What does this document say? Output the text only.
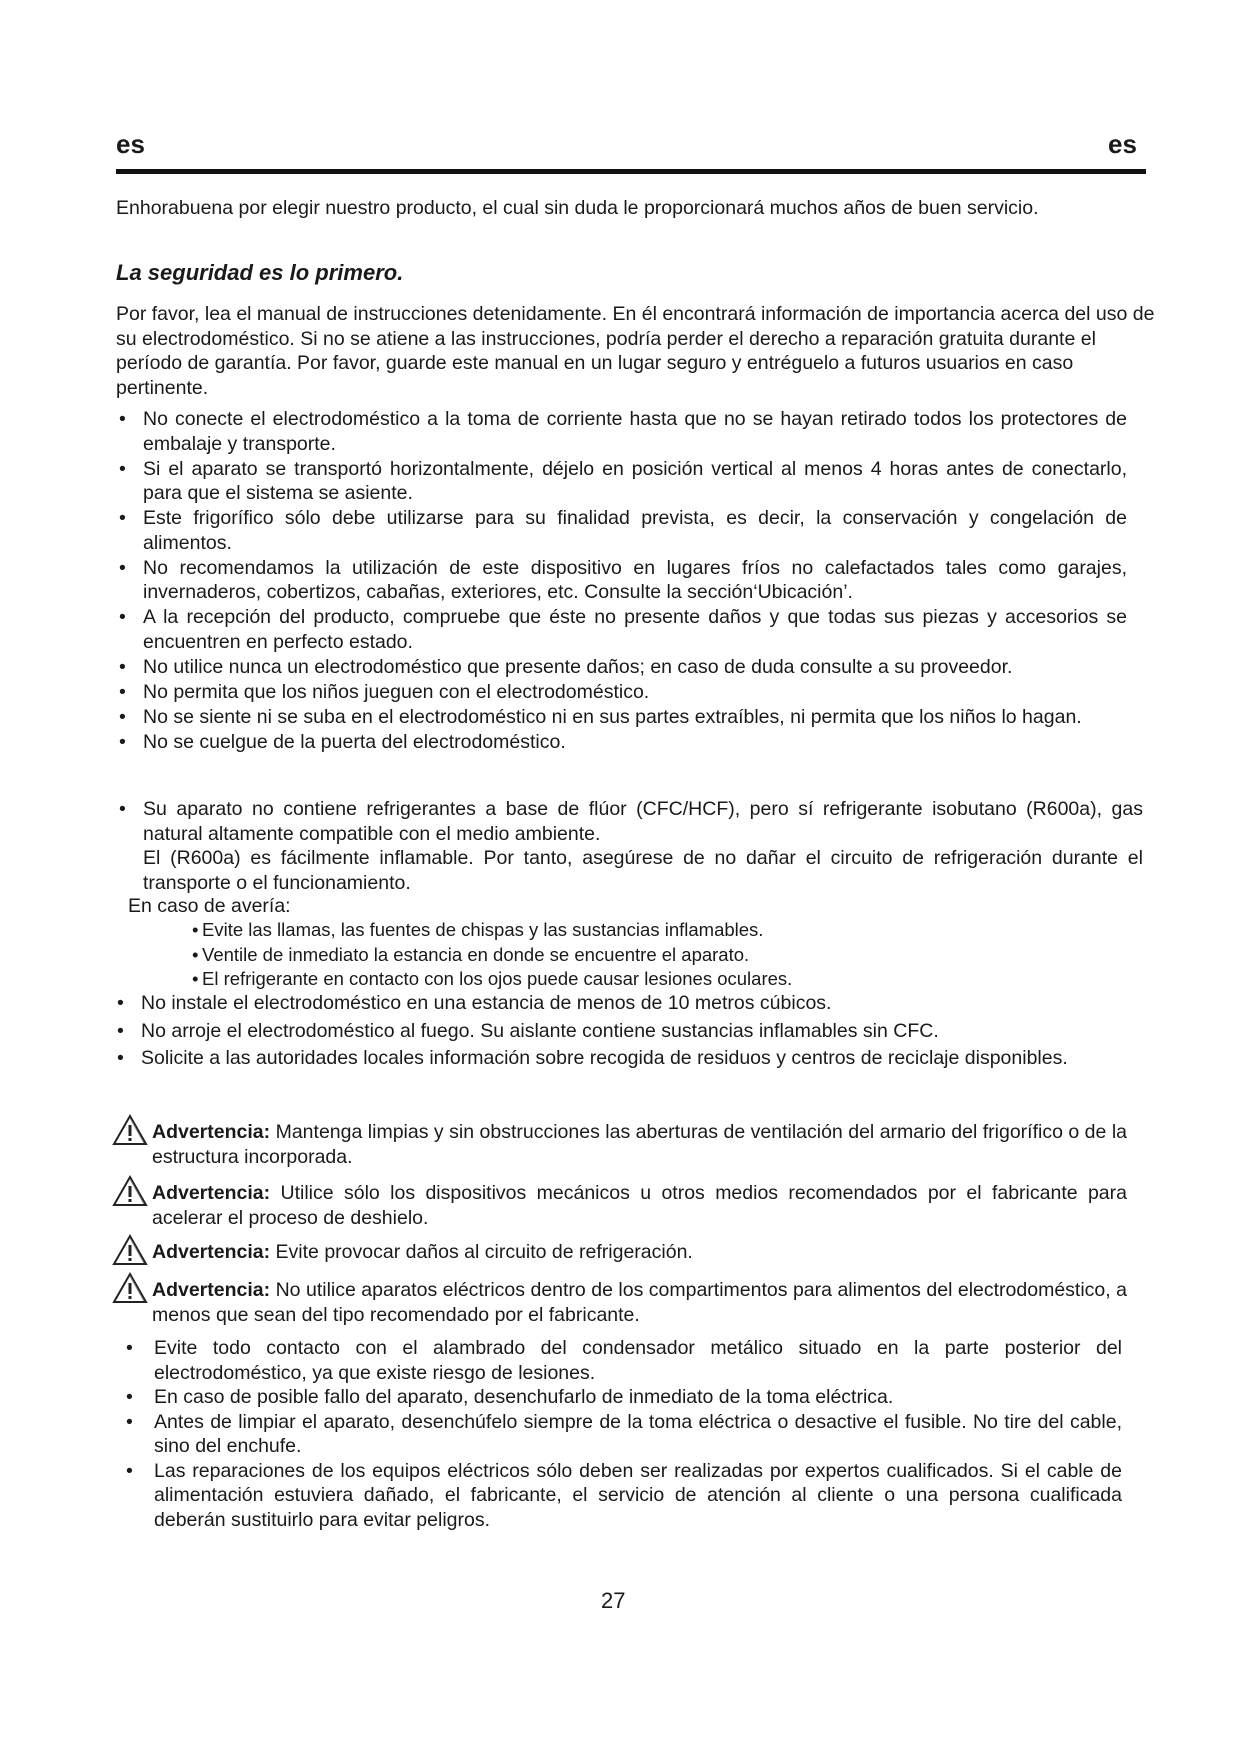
es	es
Enhorabuena por elegir nuestro producto, el cual sin duda le proporcionará muchos años de buen servicio.
La seguridad es lo primero.
Por favor, lea el manual de instrucciones detenidamente. En él encontrará información de importancia acerca del uso de su electrodoméstico. Si no se atiene a las instrucciones, podría perder el derecho a reparación gratuita durante el período de garantía. Por favor, guarde este manual en un lugar seguro y entréguelo a futuros usuarios en caso pertinente.
• No conecte el electrodoméstico a la toma de corriente hasta que no se hayan retirado todos los protectores de embalaje y transporte.
• Si el aparato se transportó horizontalmente, déjelo en posición vertical al menos 4 horas antes de conectarlo, para que el sistema se asiente.
• Este frigorífico sólo debe utilizarse para su finalidad prevista, es decir, la conservación y congelación de alimentos.
• No recomendamos la utilización de este dispositivo en lugares fríos no calefactados tales como garajes, invernaderos, cobertizos, cabañas, exteriores, etc. Consulte la sección‘Ubicación’.
• A la recepción del producto, compruebe que éste no presente daños y que todas sus piezas y accesorios se encuentren en perfecto estado.
• No utilice nunca un electrodoméstico que presente daños; en caso de duda consulte a su proveedor.
• No permita que los niños jueguen con el electrodoméstico.
• No se siente ni se suba en el electrodoméstico ni en sus partes extraíbles, ni permita que los niños lo hagan.
• No se cuelgue de la puerta del electrodoméstico.
• Su aparato no contiene refrigerantes a base de flúor (CFC/HCF), pero sí refrigerante isobutano (R600a), gas natural altamente compatible con el medio ambiente.
El (R600a) es fácilmente inflamable. Por tanto, asegúrese de no dañar el circuito de refrigeración durante el transporte o el funcionamiento.
En caso de avería:
• Evite las llamas, las fuentes de chispas y las sustancias inflamables.
• Ventile de inmediato la estancia en donde se encuentre el aparato.
• El refrigerante en contacto con los ojos puede causar lesiones oculares.
• No instale el electrodoméstico en una estancia de menos de 10 metros cúbicos.
• No arroje el electrodoméstico al fuego. Su aislante contiene sustancias inflamables sin CFC.
• Solicite a las autoridades locales información sobre recogida de residuos y centros de reciclaje disponibles.
Advertencia: Mantenga limpias y sin obstrucciones las aberturas de ventilación del armario del frigorífico o de la estructura incorporada.
Advertencia: Utilice sólo los dispositivos mecánicos u otros medios recomendados por el fabricante para acelerar el proceso de deshielo.
Advertencia: Evite provocar daños al circuito de refrigeración.
Advertencia: No utilice aparatos eléctricos dentro de los compartimentos para alimentos del electrodoméstico, a menos que sean del tipo recomendado por el fabricante.
• Evite todo contacto con el alambrado del condensador metálico situado en la parte posterior del electrodoméstico, ya que existe riesgo de lesiones.
• En caso de posible fallo del aparato, desenchufarlo de inmediato de la toma eléctrica.
• Antes de limpiar el aparato, desenchúfelo siempre de la toma eléctrica o desactive el fusible. No tire del cable, sino del enchufe.
• Las reparaciones de los equipos eléctricos sólo deben ser realizadas por expertos cualificados. Si el cable de alimentación estuviera dañado, el fabricante, el servicio de atención al cliente o una persona cualificada deberán sustituirlo para evitar peligros.
27
